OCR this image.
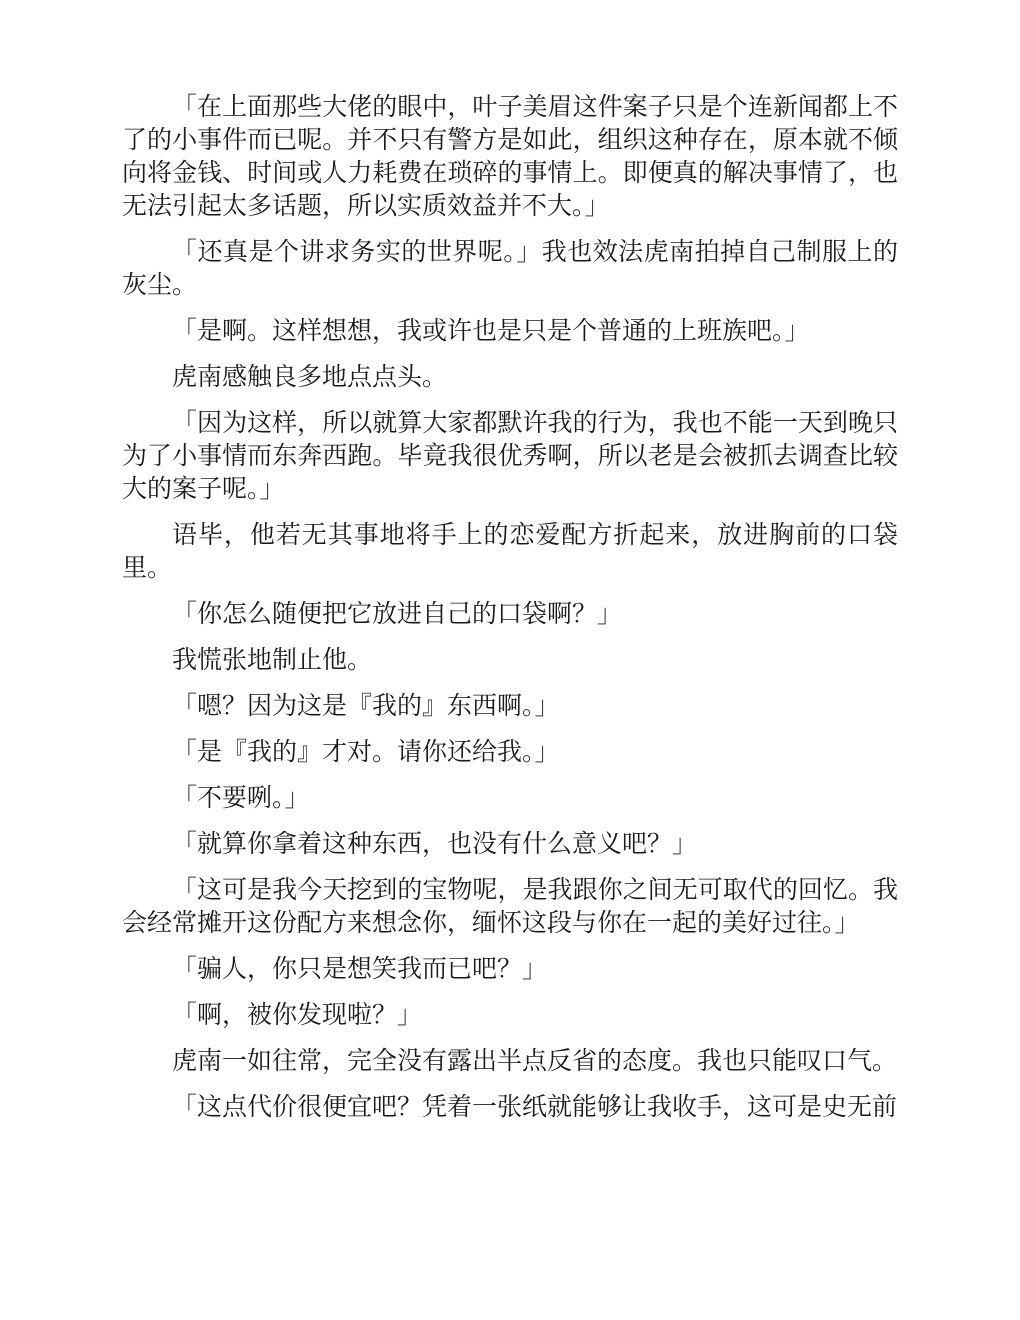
「在上面那些大佬的眼中，叶子美眉这件案子只是个连新闻都上不了的小事件而已呢。并不只有警方是如此，组织这种存在，原本就不倾向将金钱、时间或人力耗费在琐碎的事情上。即便真的解决事情了，也无法引起太多话题，所以实质效益并不大。」

「还真是个讲求务实的世界呢。」我也效法虎南拍掉自己制服上的灰尘。

「是啊。这样想想，我或许也是只是个普通的上班族吧。」

虎南感触良多地点点头。

「因为这样，所以就算大家都默许我的行为，我也不能一天到晚只为了小事情而东奔西跑。毕竟我很优秀啊，所以老是会被抓去调查比较大的案子呢。」

语毕，他若无其事地将手上的恋爱配方折起来，放进胸前的口袋里。

「你怎么随便把它放进自己的口袋啊？」

我慌张地制止他。

「嗯？因为这是『我的』东西啊。」

「是『我的』才对。请你还给我。」

「不要咧。」

「就算你拿着这种东西，也没有什么意义吧？」

「这可是我今天挖到的宝物呢，是我跟你之间无可取代的回忆。我会经常摊开这份配方来想念你，缅怀这段与你在一起的美好过往。」

「骗人，你只是想笑我而已吧？」

「啊，被你发现啦？」

虎南一如往常，完全没有露出半点反省的态度。我也只能叹口气。

「这点代价很便宜吧？凭着一张纸就能够让我收手，这可是史无前
